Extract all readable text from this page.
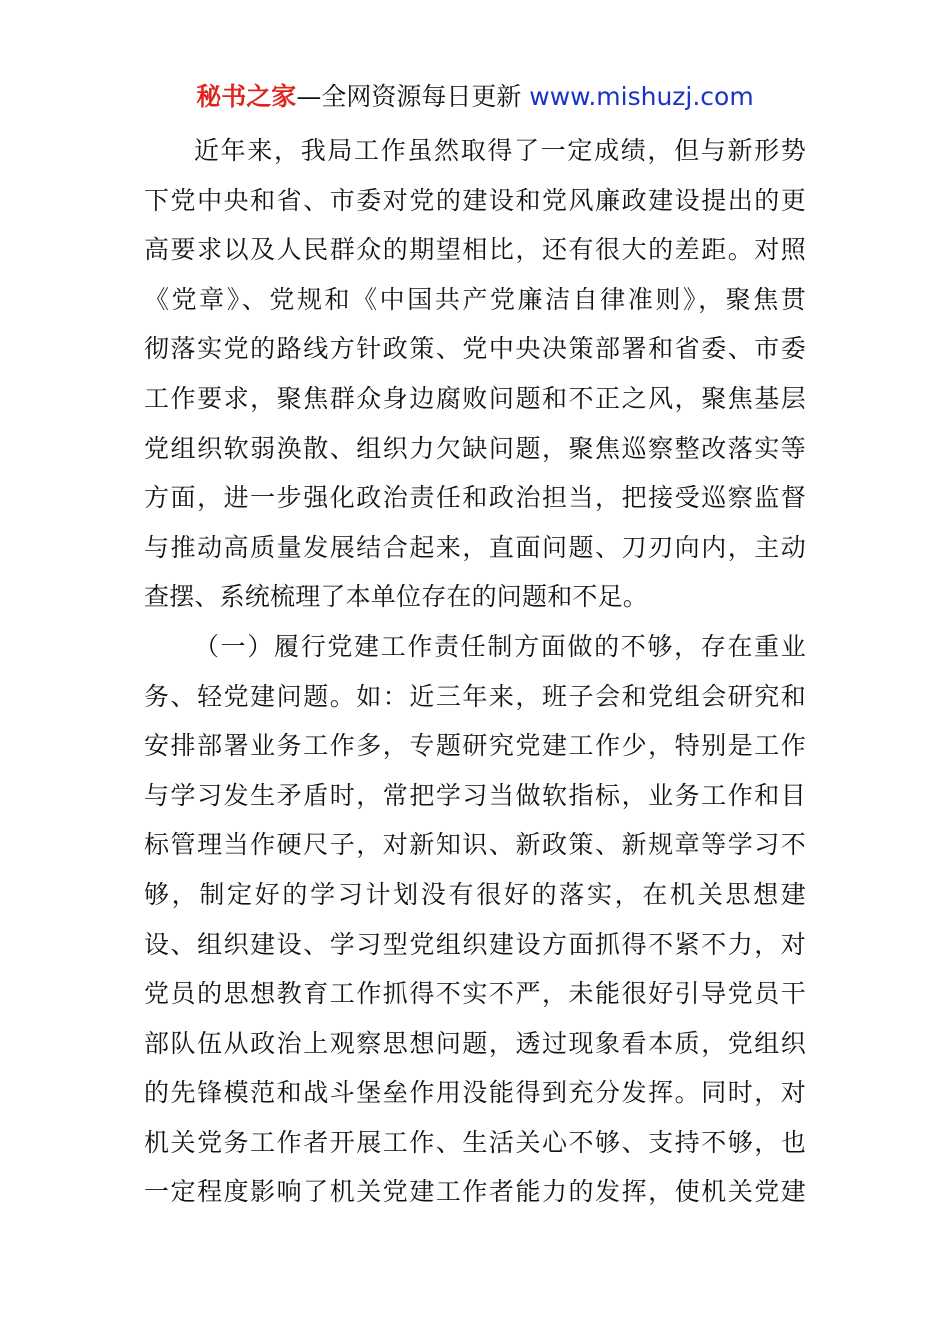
秘书之家—全网资源每日更新 www.mishuzj.com
近年来，我局工作虽然取得了一定成绩，但与新形势
下党中央和省、市委对党的建设和党风廉政建设提出的更
高要求以及人民群众的期望相比，还有很大的差距。对照
《党章》、党规和《中国共产党廉洁自律准则》，聚焦贯
彻落实党的路线方针政策、党中央决策部署和省委、市委
工作要求，聚焦群众身边腐败问题和不正之风，聚焦基层
党组织软弱涣散、组织力欠缺问题，聚焦巡察整改落实等
方面，进一步强化政治责任和政治担当，把接受巡察监督
与推动高质量发展结合起来，直面问题、刀刃向内，主动
查摆、系统梳理了本单位存在的问题和不足。
（一）履行党建工作责任制方面做的不够，存在重业
务、轻党建问题。如：近三年来，班子会和党组会研究和
安排部署业务工作多，专题研究党建工作少，特别是工作
与学习发生矛盾时，常把学习当做软指标，业务工作和目
标管理当作硬尺子，对新知识、新政策、新规章等学习不
够，制定好的学习计划没有很好的落实，在机关思想建
设、组织建设、学习型党组织建设方面抓得不紧不力，对
党员的思想教育工作抓得不实不严，未能很好引导党员干
部队伍从政治上观察思想问题，透过现象看本质，党组织
的先锋模范和战斗堡垒作用没能得到充分发挥。同时，对
机关党务工作者开展工作、生活关心不够、支持不够，也
一定程度影响了机关党建工作者能力的发挥，使机关党建
